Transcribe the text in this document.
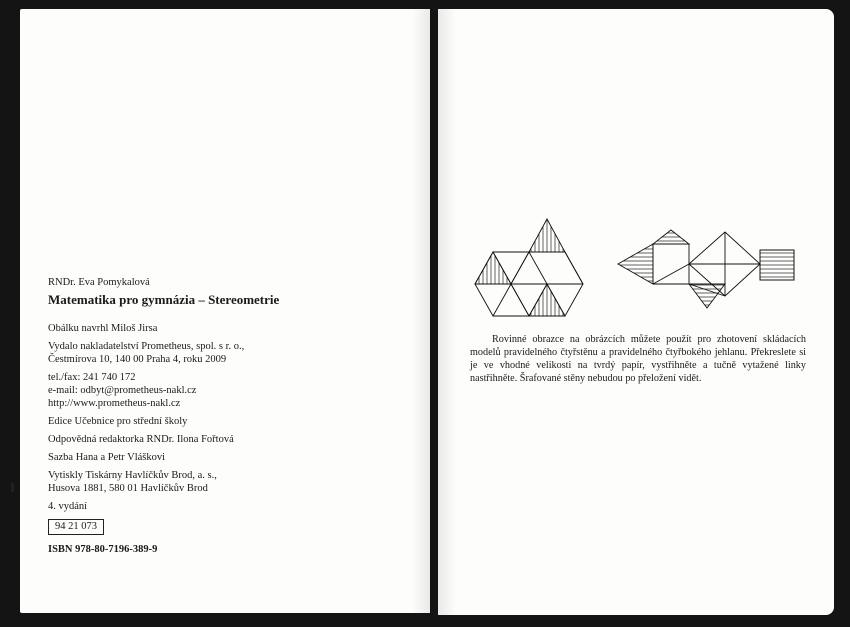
RNDr. Eva Pomykalová

Matematika pro gymnázia – Stereometrie

Obálku navrhl Miloš Jirsa

Vydalo nakladatelství Prometheus, spol. s r. o.,

Čestmírova 10, 140 00 Praha 4, roku 2009

tel./fax: 241 740 172

e-mail: odbyt@prometheus-nakl.cz

http://www.prometheus-nakl.cz

Edice Učebnice pro střední školy

Odpovědná redaktorka RNDr. Ilona Fořtová

Sazba Hana a Petr Vláškovi

Vytiskly Tiskárny Havlíčkův Brod, a. s.,

Husova 1881, 580 01 Havlíčkův Brod

4. vydání

94 21 073

ISBN 978-80-7196-389-9

Rovinné obrazce na obrázcích můžete použít pro zhotovení skládacích modelů pravidelného čtyřstěnu a pravidelného čtyřbokého jehlanu. Překreslete si je ve vhodné velikosti na tvrdý papír, vystřihněte a tučně vytažené linky nastřihněte. Šrafované stěny nebudou po přeložení vidět.
